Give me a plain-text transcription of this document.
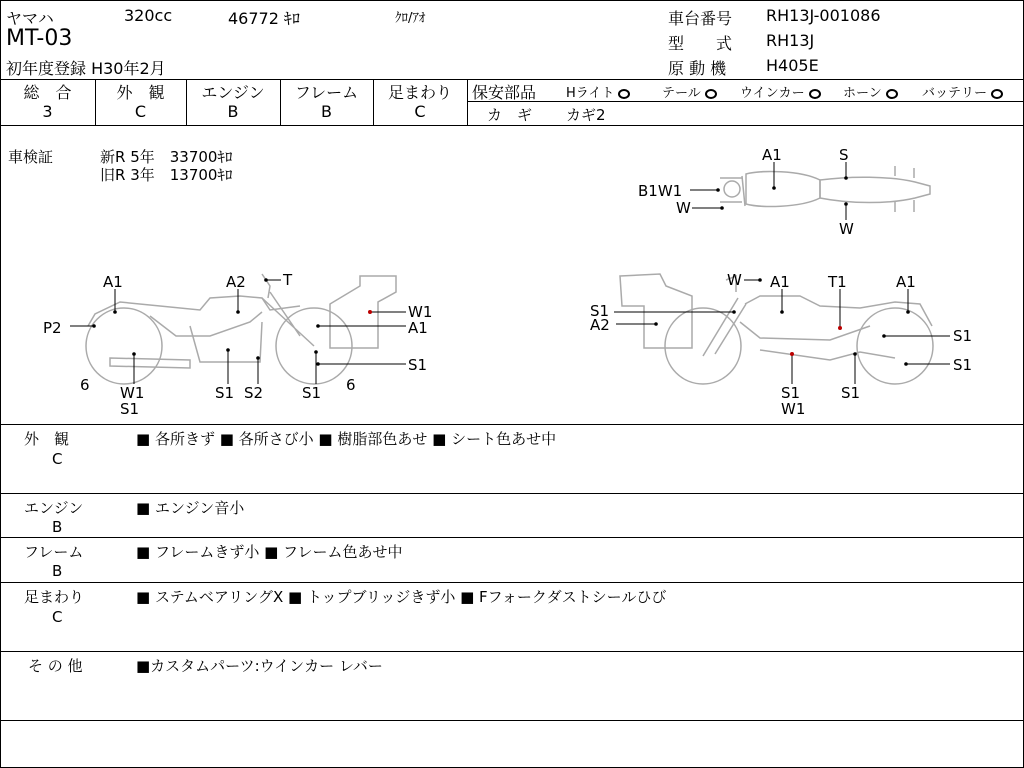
ヤマハ	320cc	46772 ｷﾛ	ｸﾛ/ｱｵ
MT-03
初年度登録 H30年2月
車台番号 RH13J-001086
型　　式 RH13J
原 動 機 H405E
総　合
3
外　観
C
エンジン
B
フレーム
B
足まわり
C
保安部品 Hライト	テール	ウインカー	ホーン	バッテリー
カ　ギ カギ2
車検証	新R 5年　33700ｷﾛ
旧R 3年　13700ｷﾛ
A1	S
B1W1
W
W
A1	A2 T
W1
A1
P2
W1
S1
6	S1 S2	S1 6
S1
W A1	T1	A1
S1
A2
S1
S1
S1
W1
S1
外　観
C
■ 各所きず ■ 各所さび小 ■ 樹脂部色あせ ■ シート色あせ中
エンジン
B
■ エンジン音小
フレーム
B
■ フレームきず小 ■ フレーム色あせ中
足まわり
C
■ ステムベアリングX ■ トップブリッジきず小 ■ Fフォークダストシールひび
そ の 他	■カスタムパーツ:ウインカー レバー
